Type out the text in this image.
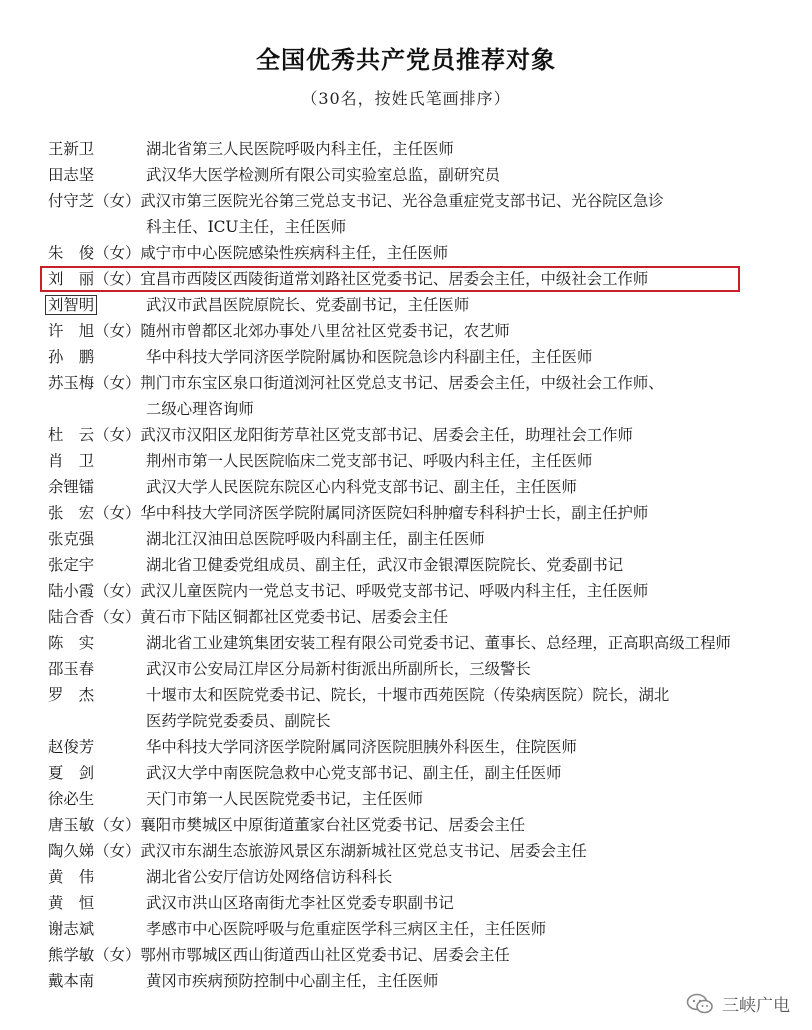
全国优秀共产党员推荐对象
（30名，按姓氏笔画排序）
王新卫	湖北省第三人民医院呼吸内科主任，主任医师
田志坚	武汉华大医学检测所有限公司实验室总监，副研究员
付守芝（女） 武汉市第三医院光谷第三党总支书记、光谷急重症党支部书记、光谷院区急诊
科主任、ICU主任，主任医师
朱　俊（女） 咸宁市中心医院感染性疾病科主任，主任医师
刘　丽（女） 宜昌市西陵区西陵街道常刘路社区党委书记、居委会主任，中级社会工作师
刘智明	武汉市武昌医院原院长、党委副书记，主任医师
许　旭（女） 随州市曾都区北郊办事处八里岔社区党委书记，农艺师
孙　鹏	华中科技大学同济医学院附属协和医院急诊内科副主任，主任医师
苏玉梅（女） 荆门市东宝区泉口街道浏河社区党总支书记、居委会主任，中级社会工作师、
二级心理咨询师
杜　云（女） 武汉市汉阳区龙阳街芳草社区党支部书记、居委会主任，助理社会工作师
肖　卫	荆州市第一人民医院临床二党支部书记、呼吸内科主任，主任医师
余锂镭	武汉大学人民医院东院区心内科党支部书记、副主任，主任医师
张　宏（女） 华中科技大学同济医学院附属同济医院妇科肿瘤专科科护士长，副主任护师
张克强	湖北江汉油田总医院呼吸内科副主任，副主任医师
张定宇	湖北省卫健委党组成员、副主任，武汉市金银潭医院院长、党委副书记
陆小霞（女） 武汉儿童医院内一党总支书记、呼吸党支部书记、呼吸内科主任，主任医师
陆合香（女） 黄石市下陆区铜都社区党委书记、居委会主任
陈　实	湖北省工业建筑集团安装工程有限公司党委书记、董事长、总经理，正高职高级工程师
邵玉春	武汉市公安局江岸区分局新村街派出所副所长，三级警长
罗　杰	十堰市太和医院党委书记、院长，十堰市西苑医院（传染病医院）院长，湖北
医药学院党委委员、副院长
赵俊芳	华中科技大学同济医学院附属同济医院胆胰外科医生，住院医师
夏　剑	武汉大学中南医院急救中心党支部书记、副主任，副主任医师
徐必生	天门市第一人民医院党委书记，主任医师
唐玉敏（女） 襄阳市樊城区中原街道董家台社区党委书记、居委会主任
陶久娣（女） 武汉市东湖生态旅游风景区东湖新城社区党总支书记、居委会主任
黄　伟	湖北省公安厅信访处网络信访科科长
黄　恒	武汉市洪山区珞南街尤李社区党委专职副书记
谢志斌	孝感市中心医院呼吸与危重症医学科三病区主任，主任医师
熊学敏（女） 鄂州市鄂城区西山街道西山社区党委书记、居委会主任
戴本南	黄冈市疾病预防控制中心副主任，主任医师
三峡广电
